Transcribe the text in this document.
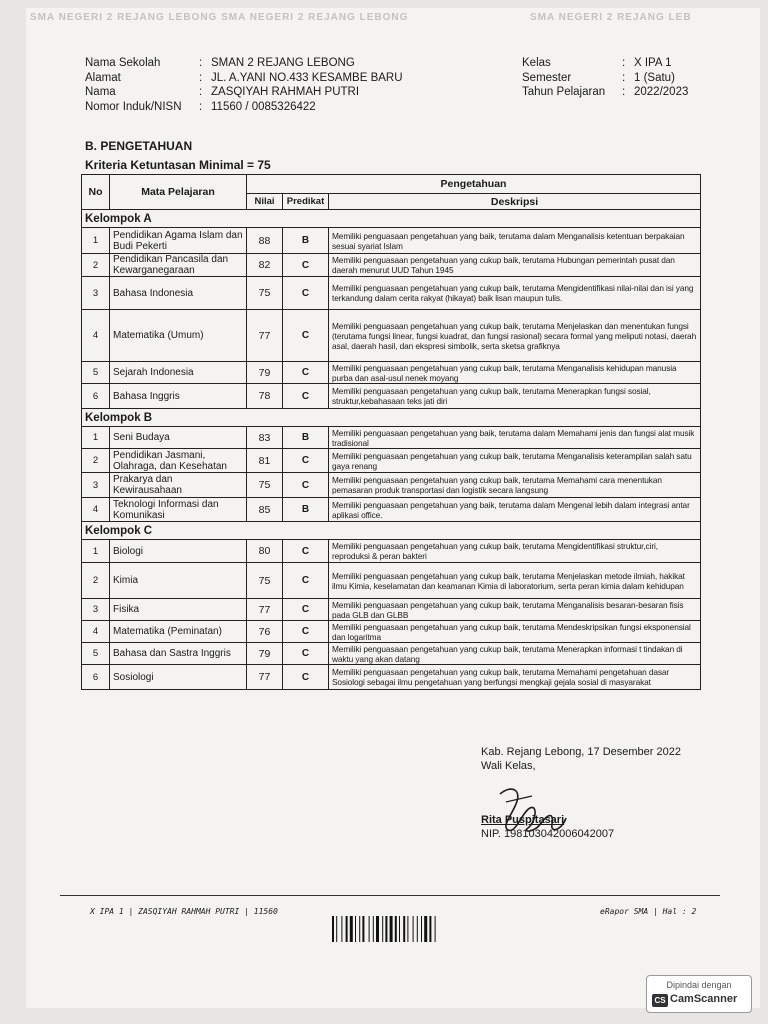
SMA NEGERI 2 REJANG LEBONG SMA NEGERI 2 REJANG LEBONG	SMA NEGERI 2 REJANG LEB
Nama Sekolah	: SMAN 2 REJANG LEBONG
Alamat	: JL. A.YANI NO.433 KESAMBE BARU
Nama	: ZASQIYAH RAHMAH PUTRI
Nomor Induk/NISN	: 11560 / 0085326422
Kelas	: X IPA 1
Semester	: 1 (Satu)
Tahun Pelajaran	: 2022/2023
B. PENGETAHUAN
Kriteria Ketuntasan Minimal = 75
No	Mata Pelajaran	Pengetahuan		
		Nilai	Predikat	Deskripsi
Kelompok A				
1	Pendidikan Agama Islam dan Budi Pekerti	88	B	Memiliki penguasaan pengetahuan yang baik, terutama dalam Menganalisis ketentuan berpakaian sesuai syariat Islam
2	Pendidikan Pancasila dan Kewarganegaraan	82	C	Memiliki penguasaan pengetahuan yang cukup baik, terutama Hubungan pemerintah pusat dan daerah menurut UUD Tahun 1945
3	Bahasa Indonesia	75	C	Memiliki penguasaan pengetahuan yang cukup baik, terutama Mengidentifikasi nilai-nilai dan isi yang terkandung dalam cerita rakyat (hikayat) baik lisan maupun tulis.
4	Matematika (Umum)	77	C	Memiliki penguasaan pengetahuan yang cukup baik, terutama Menjelaskan dan menentukan fungsi (terutama fungsi linear, fungsi kuadrat, dan fungsi rasional) secara formal yang meliputi notasi, daerah asal, daerah hasil, dan ekspresi simbolik, serta sketsa grafiknya
5	Sejarah Indonesia	79	C	Memiliki penguasaan pengetahuan yang cukup baik, terutama Menganalisis kehidupan manusia purba dan asal-usul nenek moyang
6	Bahasa Inggris	78	C	Memiliki penguasaan pengetahuan yang cukup baik, terutama Menerapkan fungsi sosial, struktur,kebahasaan teks jati diri
Kelompok B				
1	Seni Budaya	83	B	Memiliki penguasaan pengetahuan yang baik, terutama dalam Memahami jenis dan fungsi alat musik tradisional
2	Pendidikan Jasmani, Olahraga, dan Kesehatan	81	C	Memiliki penguasaan pengetahuan yang cukup baik, terutama Menganalisis keterampilan salah satu gaya renang
3	Prakarya dan Kewirausahaan	75	C	Memiliki penguasaan pengetahuan yang cukup baik, terutama Memahami cara menentukan pemasaran produk transportasi dan logistik secara langsung
4	Teknologi Informasi dan Komunikasi	85	B	Memiliki penguasaan pengetahuan yang baik, terutama dalam Mengenal lebih dalam integrasi antar aplikasi office.
Kelompok C				
1	Biologi	80	C	Memiliki penguasaan pengetahuan yang cukup baik, terutama Mengidentifikasi struktur,ciri, reproduksi & peran bakteri
2	Kimia	75	C	Memiliki penguasaan pengetahuan yang cukup baik, terutama Menjelaskan metode ilmiah, hakikat ilmu Kimia, keselamatan dan keamanan Kimia di laboratorium, serta peran kimia dalam kehidupan
3	Fisika	77	C	Memiliki penguasaan pengetahuan yang cukup baik, terutama Menganalisis besaran-besaran fisis pada GLB dan GLBB
4	Matematika (Peminatan)	76	C	Memiliki penguasaan pengetahuan yang cukup baik, terutama Mendeskripsikan fungsi eksponensial dan logaritma
5	Bahasa dan Sastra Inggris	79	C	Memiliki penguasaan pengetahuan yang cukup baik, terutama Menerapkan informasi t tindakan di waktu yang akan datang
6	Sosiologi	77	C	Memiliki penguasaan pengetahuan yang cukup baik, terutama Memahami pengetahuan dasar Sosiologi sebagai ilmu pengetahuan yang berfungsi mengkaji gejala sosial di masyarakat
Kab. Rejang Lebong, 17 Desember 2022
Wali Kelas,
Rita Puspitasari
NIP. 198103042006042007
X IPA 1 | ZASQIYAH RAHMAH PUTRI | 11560	eRapor SMA | Hal : 2
Dipindai dengan
CS CamScanner
